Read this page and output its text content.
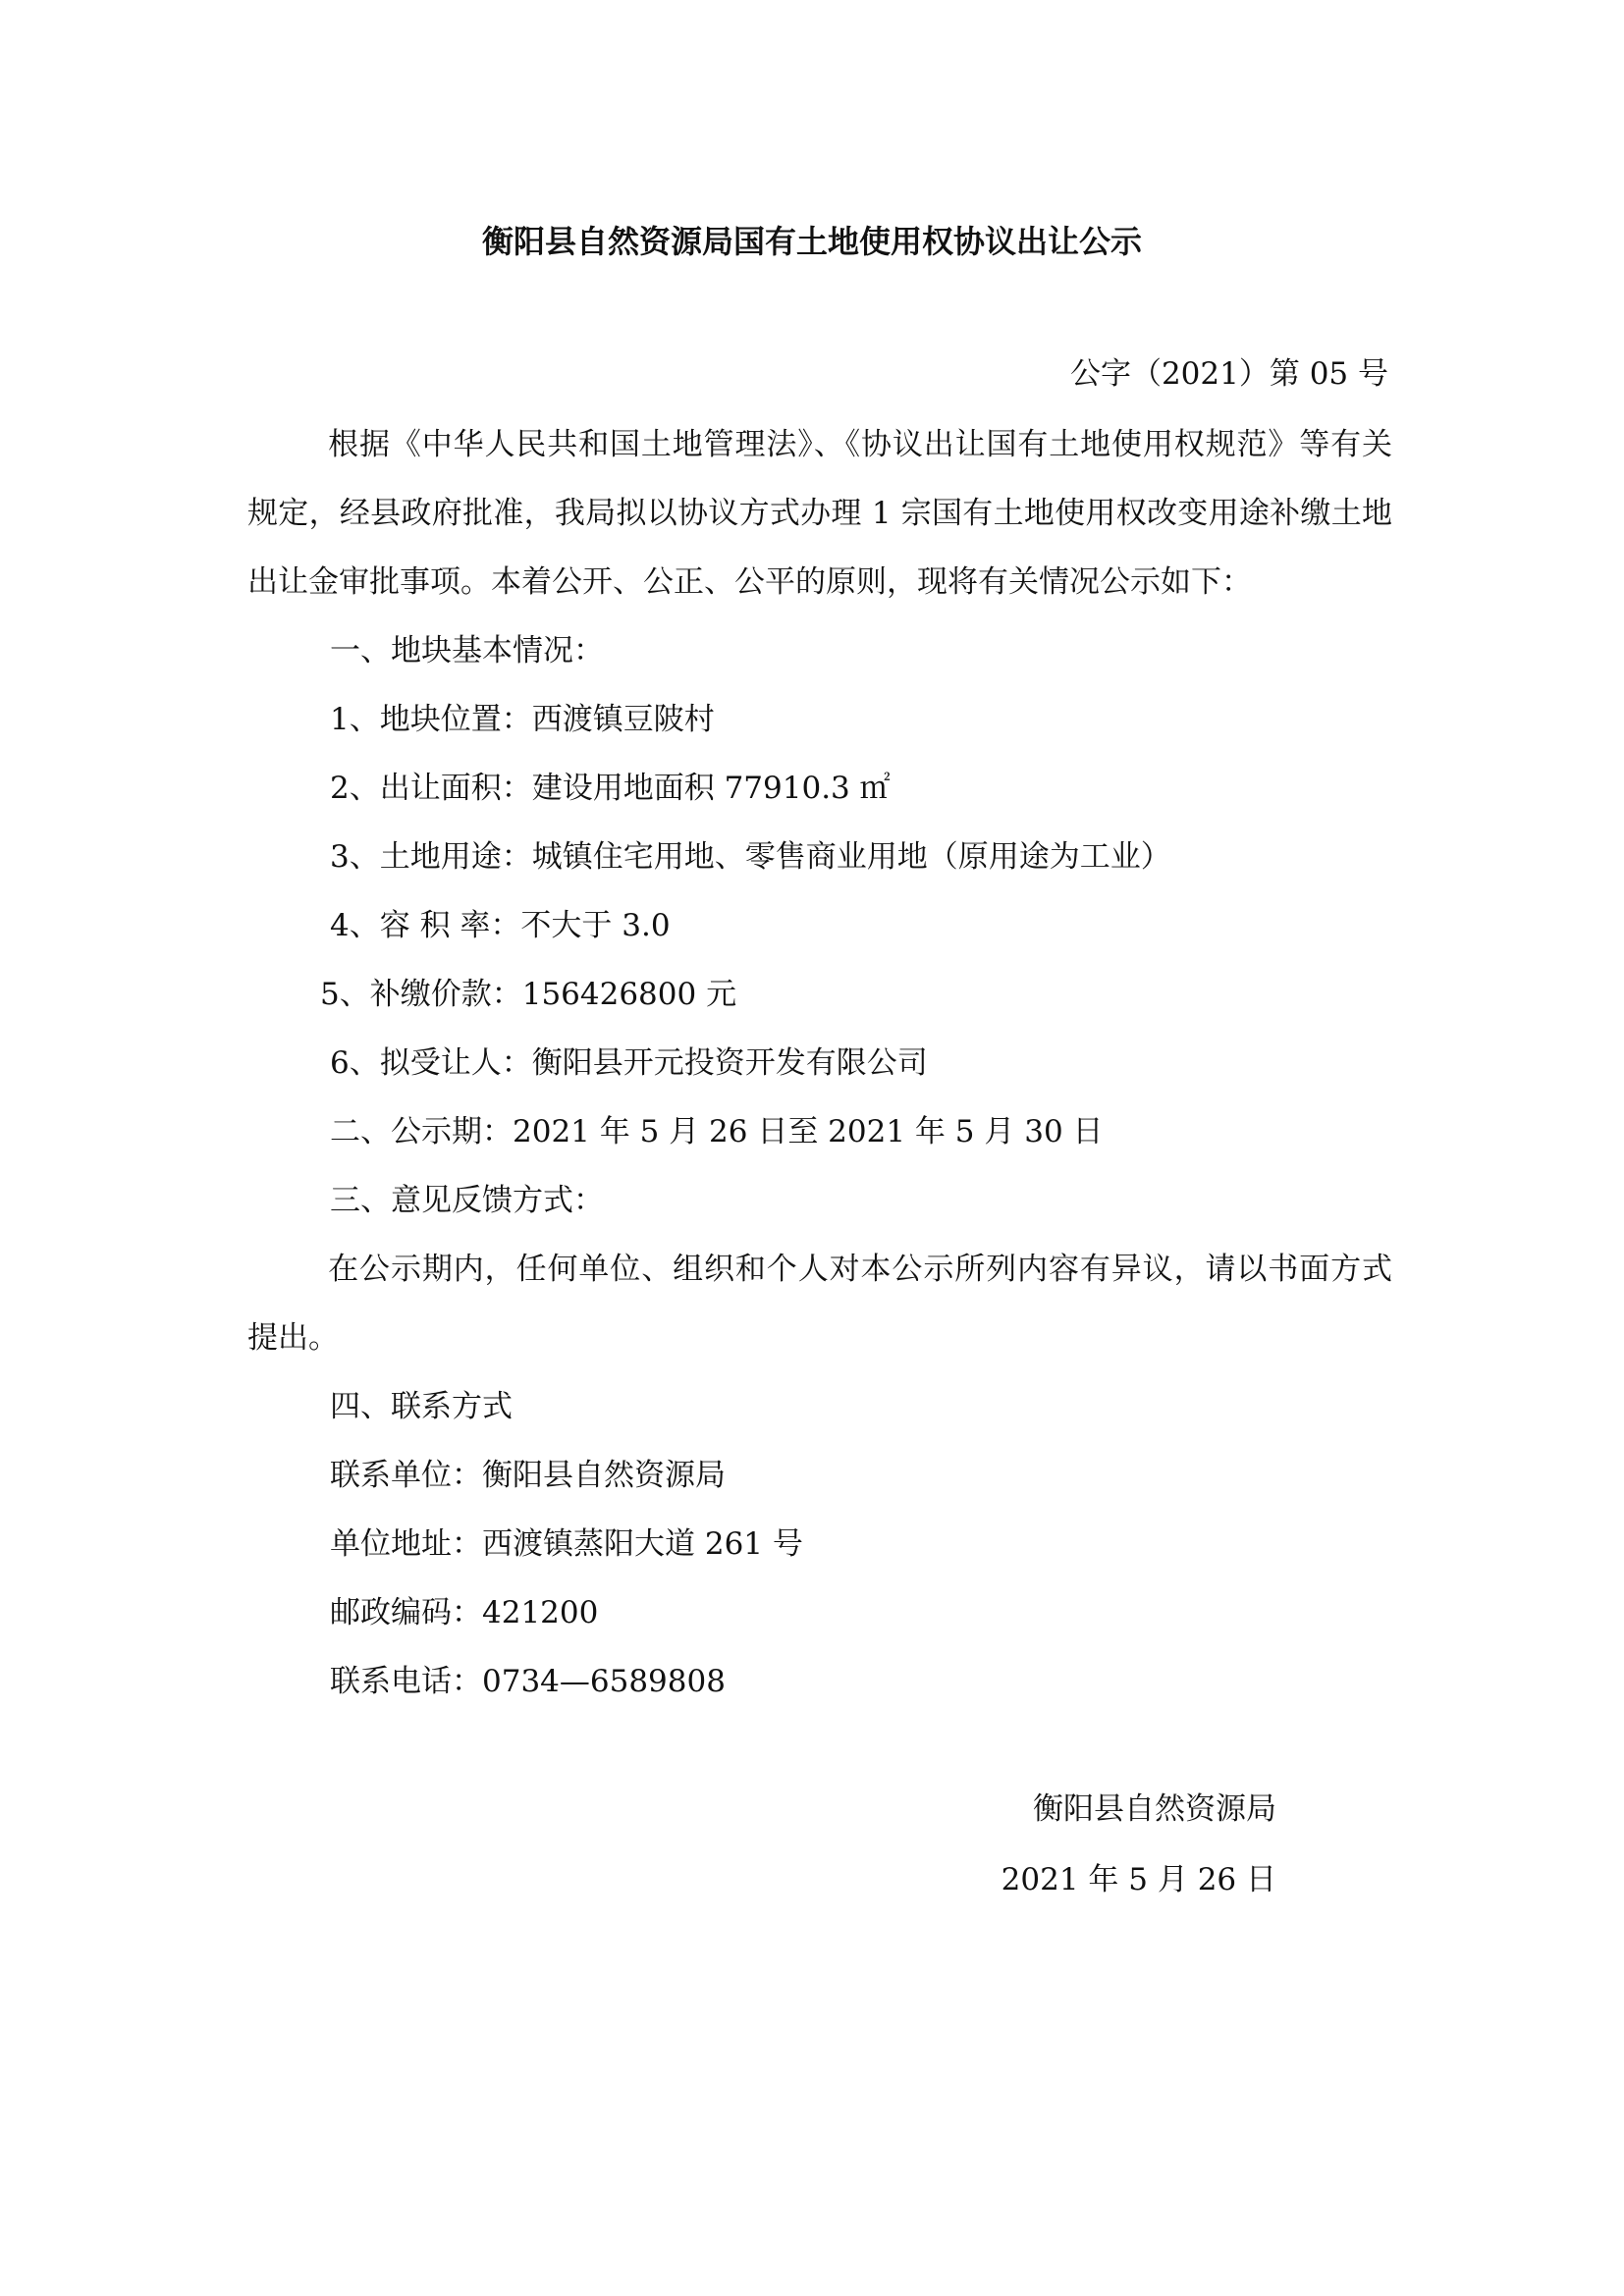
衡阳县自然资源局国有土地使用权协议出让公示

公字（2021）第 05 号

根据《中华人民共和国土地管理法》、《协议出让国有土地使用权规范》等有关规定，经县政府批准，我局拟以协议方式办理 1 宗国有土地使用权改变用途补缴土地出让金审批事项。本着公开、公正、公平的原则，现将有关情况公示如下：

一、地块基本情况：

1、地块位置：西渡镇豆陂村

2、出让面积：建设用地面积 77910.3 ㎡

3、土地用途：城镇住宅用地、零售商业用地（原用途为工业）

4、容 积 率：不大于 3.0

5、补缴价款：156426800 元

6、拟受让人：衡阳县开元投资开发有限公司

二、公示期：2021 年 5 月 26 日至 2021 年 5 月 30 日

三、意见反馈方式：

在公示期内，任何单位、组织和个人对本公示所列内容有异议，请以书面方式提出。

四、联系方式

联系单位：衡阳县自然资源局

单位地址：西渡镇蒸阳大道 261 号

邮政编码：421200

联系电话：0734—6589808

衡阳县自然资源局

2021 年 5 月 26 日
